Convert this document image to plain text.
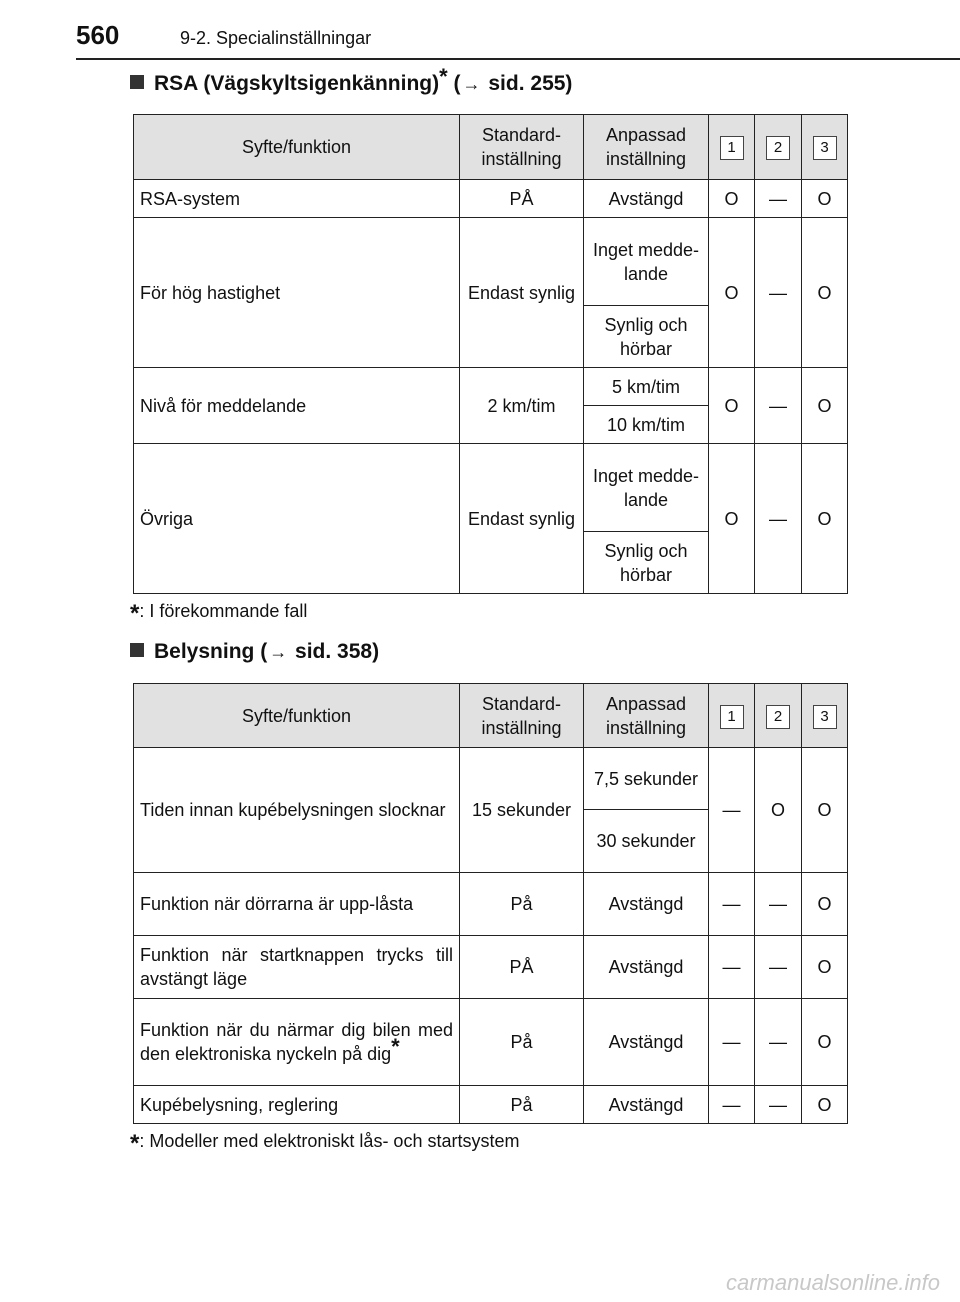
560	9-2. Specialinställningar
RSA (Vägskyltsigenkänning)* ( → sid. 255)
Syfte/funktion	Standard-inställning	Anpassad inställning	1	2	3
RSA-system	PÅ	Avstängd	O	—	O
För hög hastighet	Endast synlig	Inget medde-lande	O	—	O
		Synlig och hörbar			
Nivå för meddelande	2 km/tim	5 km/tim	O	—	O
		10 km/tim			
Övriga	Endast synlig	Inget medde-lande	O	—	O
		Synlig och hörbar			
*: I förekommande fall
Belysning ( → sid. 358)
Syfte/funktion	Standard-inställning	Anpassad inställning	1	2	3
Tiden innan kupébelysningen slocknar	15 sekunder	7,5 sekunder	—	O	O
		30 sekunder			
Funktion när dörrarna är upp-låsta	På	Avstängd	—	—	O
Funktion när startknappen trycks till avstängt läge	PÅ	Avstängd	—	—	O
Funktion när du närmar dig bilen med den elektroniska nyckeln på dig*	På	Avstängd	—	—	O
Kupébelysning, reglering	På	Avstängd	—	—	O
*: Modeller med elektroniskt lås- och startsystem
carmanualsonline.info
